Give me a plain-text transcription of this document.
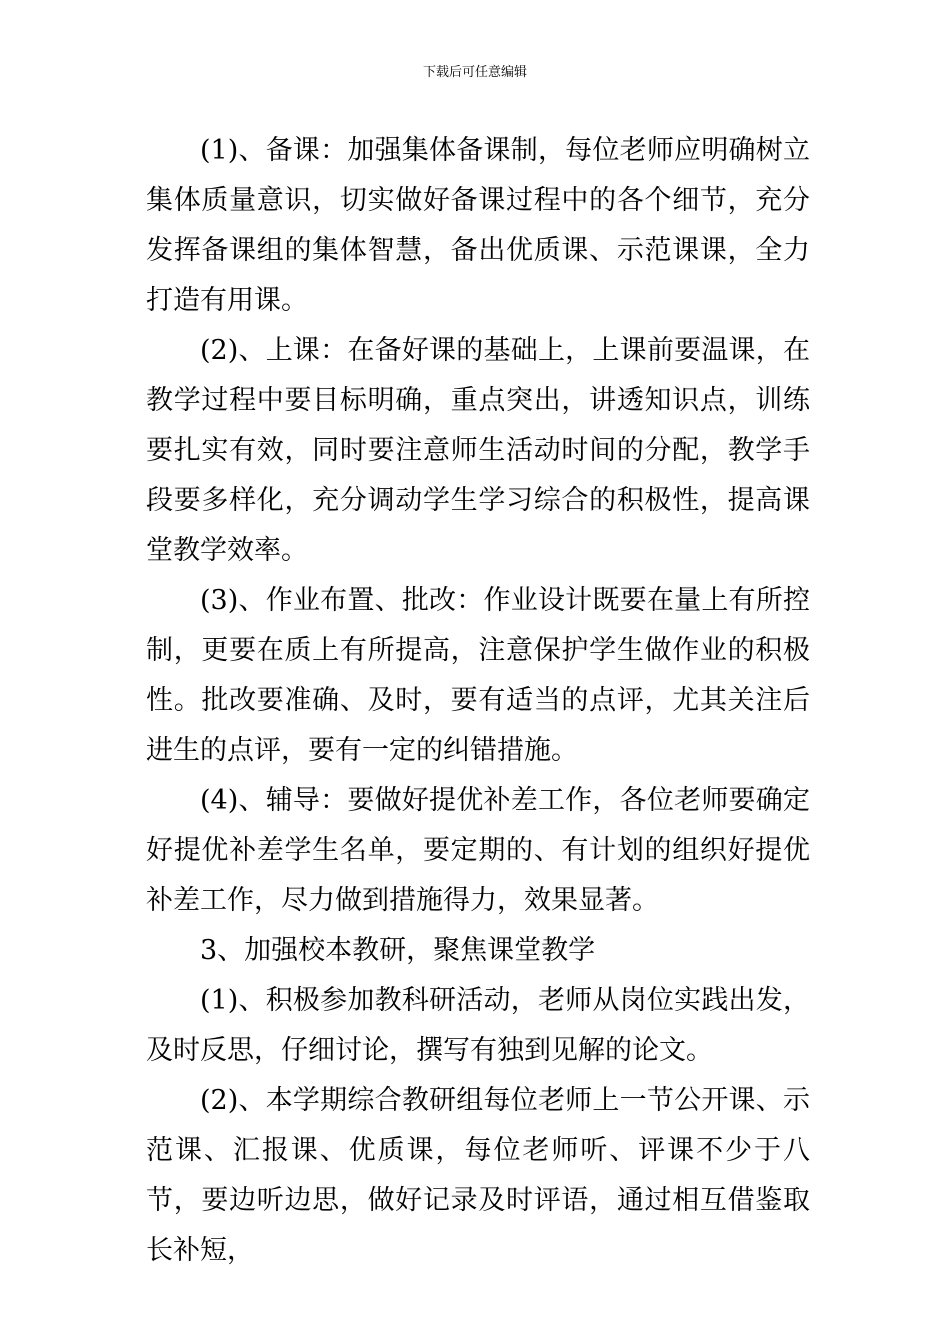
下载后可任意编辑

(1)、备课：加强集体备课制，每位老师应明确树立集体质量意识，切实做好备课过程中的各个细节，充分发挥备课组的集体智慧，备出优质课、示范课课，全力打造有用课。

(2)、上课：在备好课的基础上，上课前要温课，在教学过程中要目标明确，重点突出，讲透知识点，训练要扎实有效，同时要注意师生活动时间的分配，教学手段要多样化，充分调动学生学习综合的积极性，提高课堂教学效率。

(3)、作业布置、批改：作业设计既要在量上有所控制，更要在质上有所提高，注意保护学生做作业的积极性。批改要准确、及时，要有适当的点评，尤其关注后进生的点评，要有一定的纠错措施。

(4)、辅导：要做好提优补差工作，各位老师要确定好提优补差学生名单，要定期的、有计划的组织好提优补差工作，尽力做到措施得力，效果显著。

3、加强校本教研，聚焦课堂教学

(1)、积极参加教科研活动，老师从岗位实践出发，及时反思，仔细讨论，撰写有独到见解的论文。

(2)、本学期综合教研组每位老师上一节公开课、示范课、汇报课、优质课，每位老师听、评课不少于八节，要边听边思，做好记录及时评语，通过相互借鉴取长补短，
